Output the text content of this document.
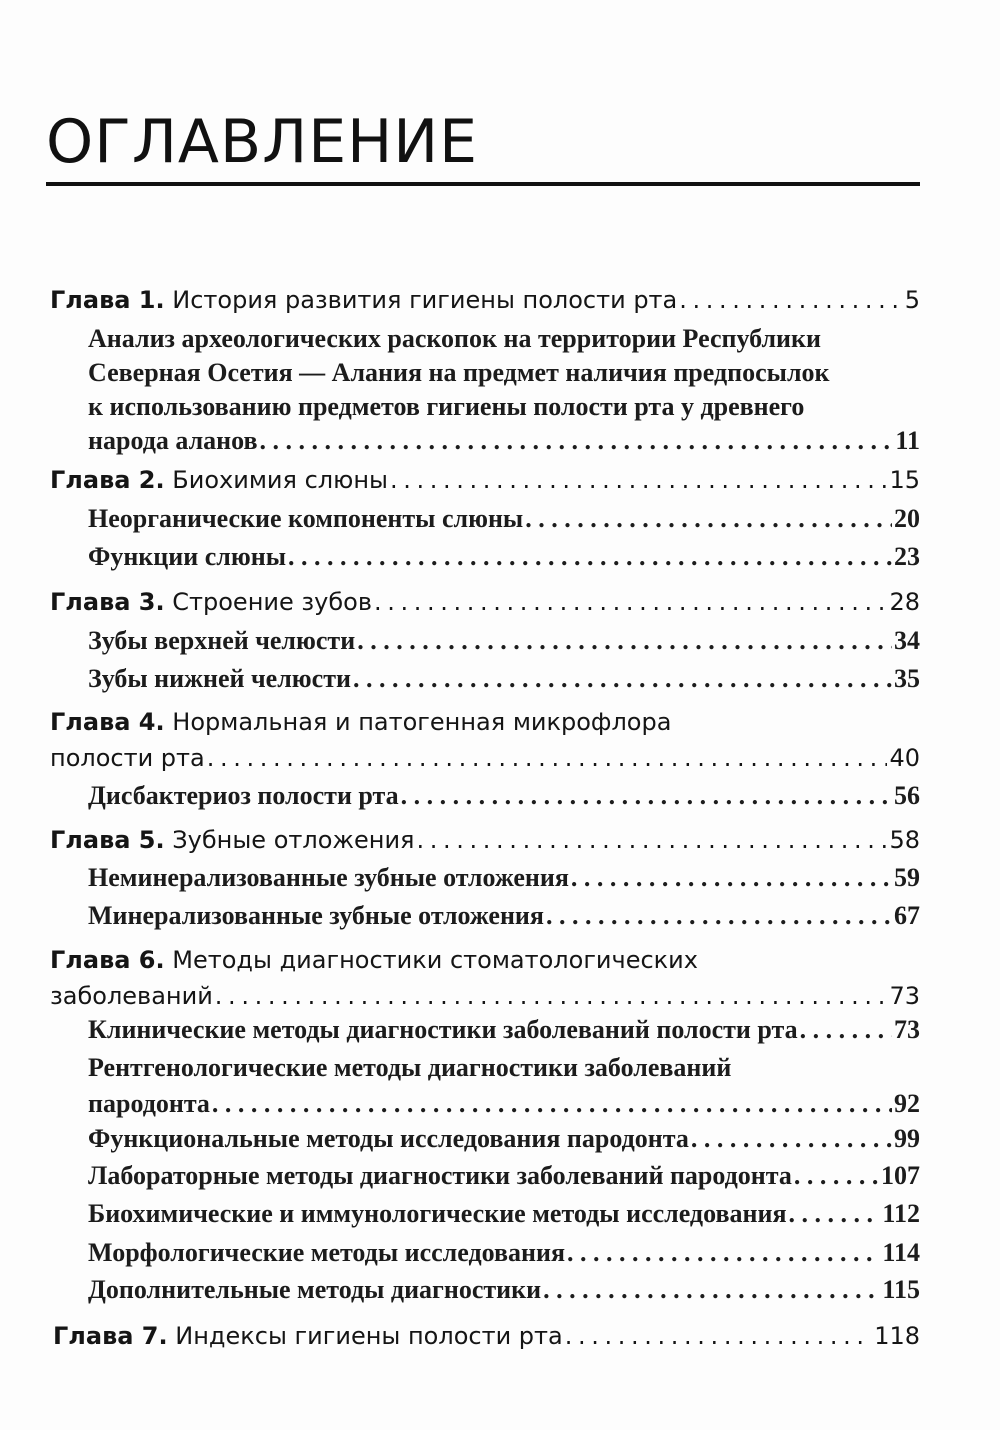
ОГЛАВЛЕНИЕ
Глава 1. История развития гигиены полости рта . . .	5
Анализ археологических раскопок на территории Республики
Северная Осетия — Алания на предмет наличия предпосылок
к использованию предметов гигиены полости рта у древнего
народа аланов . . .	11
Глава 2. Биохимия слюны . . .	15
Неорганические компоненты слюны . . .	20
Функции слюны . . .	23
Глава 3. Строение зубов . . .	28
Зубы верхней челюсти . . .	34
Зубы нижней челюсти . . .	35
Глава 4. Нормальная и патогенная микрофлора
полости рта . . .	40
Дисбактериоз полости рта . . .	56
Глава 5. Зубные отложения . . .	58
Неминерализованные зубные отложения . . .	59
Минерализованные зубные отложения . . .	67
Глава 6. Методы диагностики стоматологических
заболеваний . . .	73
Клинические методы диагностики заболеваний полости рта . . .	73
Рентгенологические методы диагностики заболеваний
пародонта . . .	92
Функциональные методы исследования пародонта . . .	99
Лабораторные методы диагностики заболеваний пародонта . . .	107
Биохимические и иммунологические методы исследования . . .	112
Морфологические методы исследования . . .	114
Дополнительные методы диагностики . . .	115
Глава 7. Индексы гигиены полости рта . . .	118
